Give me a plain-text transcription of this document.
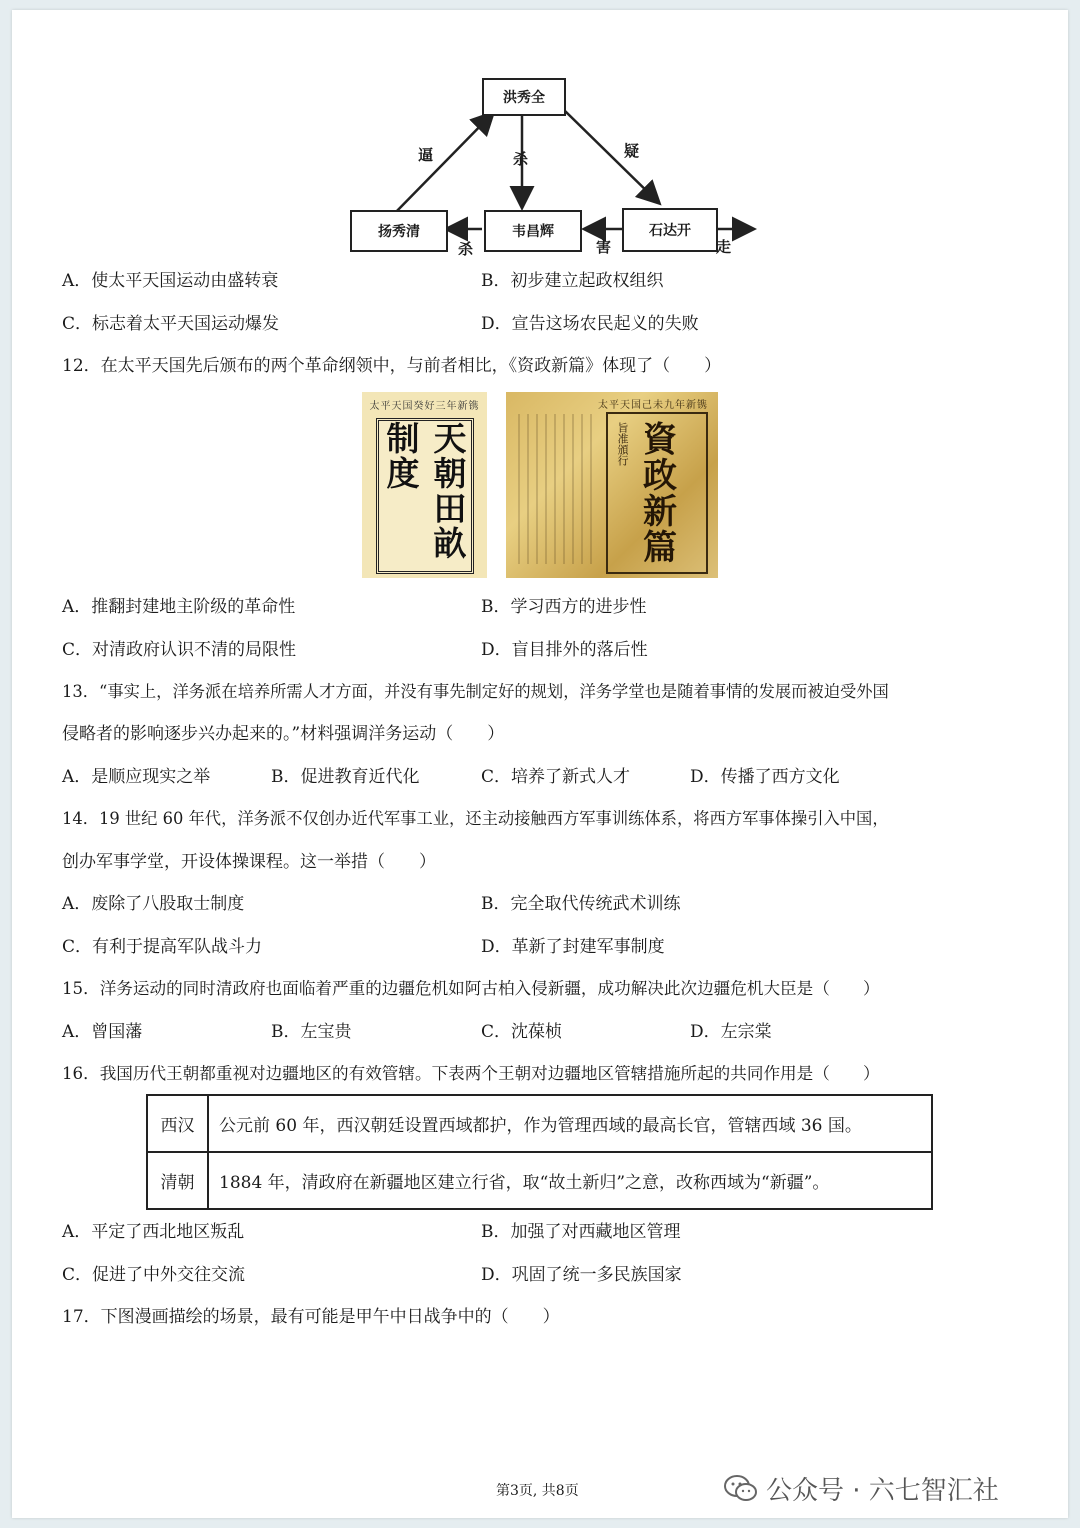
洪秀全
扬秀清	韦昌辉	石达开
逼	杀	疑
杀	害	走
A．使太平天国运动由盛转衰	B．初步建立起政权组织
C．标志着太平天国运动爆发	D．宣告这场农民起义的失败
12．在太平天国先后颁布的两个革命纲领中，与前者相比，《资政新篇》体现了（　　）
太平天国癸好三年新镌
天朝田畝制度
太平天国己未九年新镌
資政新篇
旨准頒行
A．推翻封建地主阶级的革命性	B．学习西方的进步性
C．对清政府认识不清的局限性	D．盲目排外的落后性
13．“事实上，洋务派在培养所需人才方面，并没有事先制定好的规划，洋务学堂也是随着事情的发展而被迫受外国
侵略者的影响逐步兴办起来的。”材料强调洋务运动（　　）
A．是顺应现实之举	B．促进教育近代化	C．培养了新式人才	D．传播了西方文化
14．19 世纪 60 年代，洋务派不仅创办近代军事工业，还主动接触西方军事训练体系，将西方军事体操引入中国，
创办军事学堂，开设体操课程。这一举措（　　）
A．废除了八股取士制度	B．完全取代传统武术训练
C．有利于提高军队战斗力	D．革新了封建军事制度
15．洋务运动的同时清政府也面临着严重的边疆危机如阿古柏入侵新疆，成功解决此次边疆危机大臣是（　　）
A．曾国藩	B．左宝贵	C．沈葆桢	D．左宗棠
16．我国历代王朝都重视对边疆地区的有效管辖。下表两个王朝对边疆地区管辖措施所起的共同作用是（　　）
西汉	公元前 60 年，西汉朝廷设置西域都护，作为管理西域的最高长官，管辖西域 36 国。
清朝	1884 年，清政府在新疆地区建立行省，取“故土新归”之意，改称西域为“新疆”。
A．平定了西北地区叛乱	B．加强了对西藏地区管理
C．促进了中外交往交流	D．巩固了统一多民族国家
17．下图漫画描绘的场景，最有可能是甲午中日战争中的（　　）
第3页, 共8页	公众号 · 六七智汇社
